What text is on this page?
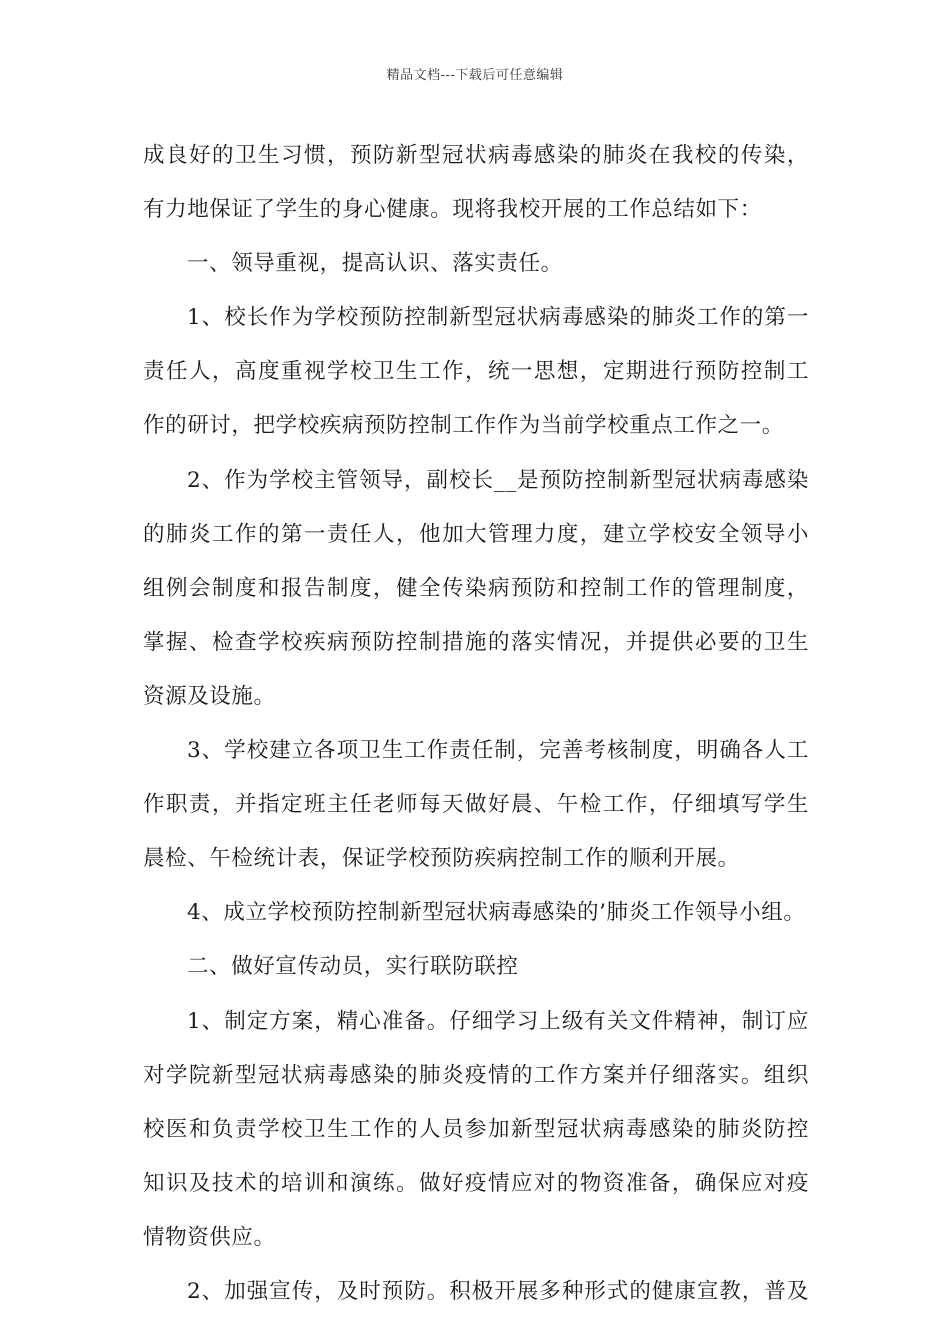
精品文档---下载后可任意编辑
成良好的卫生习惯，预防新型冠状病毒感染的肺炎在我校的传染，
有力地保证了学生的身心健康。现将我校开展的工作总结如下：
一、领导重视，提高认识、落实责任。
1、校长作为学校预防控制新型冠状病毒感染的肺炎工作的第一
责任人，高度重视学校卫生工作，统一思想，定期进行预防控制工
作的研讨，把学校疾病预防控制工作作为当前学校重点工作之一。
2、作为学校主管领导，副校长__是预防控制新型冠状病毒感染
的肺炎工作的第一责任人，他加大管理力度，建立学校安全领导小
组例会制度和报告制度，健全传染病预防和控制工作的管理制度，
掌握、检查学校疾病预防控制措施的落实情况，并提供必要的卫生
资源及设施。
3、学校建立各项卫生工作责任制，完善考核制度，明确各人工
作职责，并指定班主任老师每天做好晨、午检工作，仔细填写学生
晨检、午检统计表，保证学校预防疾病控制工作的顺利开展。
4、成立学校预防控制新型冠状病毒感染的’肺炎工作领导小组。
二、做好宣传动员，实行联防联控
1、制定方案，精心准备。仔细学习上级有关文件精神，制订应
对学院新型冠状病毒感染的肺炎疫情的工作方案并仔细落实。组织
校医和负责学校卫生工作的人员参加新型冠状病毒感染的肺炎防控
知识及技术的培训和演练。做好疫情应对的物资准备，确保应对疫
情物资供应。
2、加强宣传，及时预防。积极开展多种形式的健康宣教，普及
